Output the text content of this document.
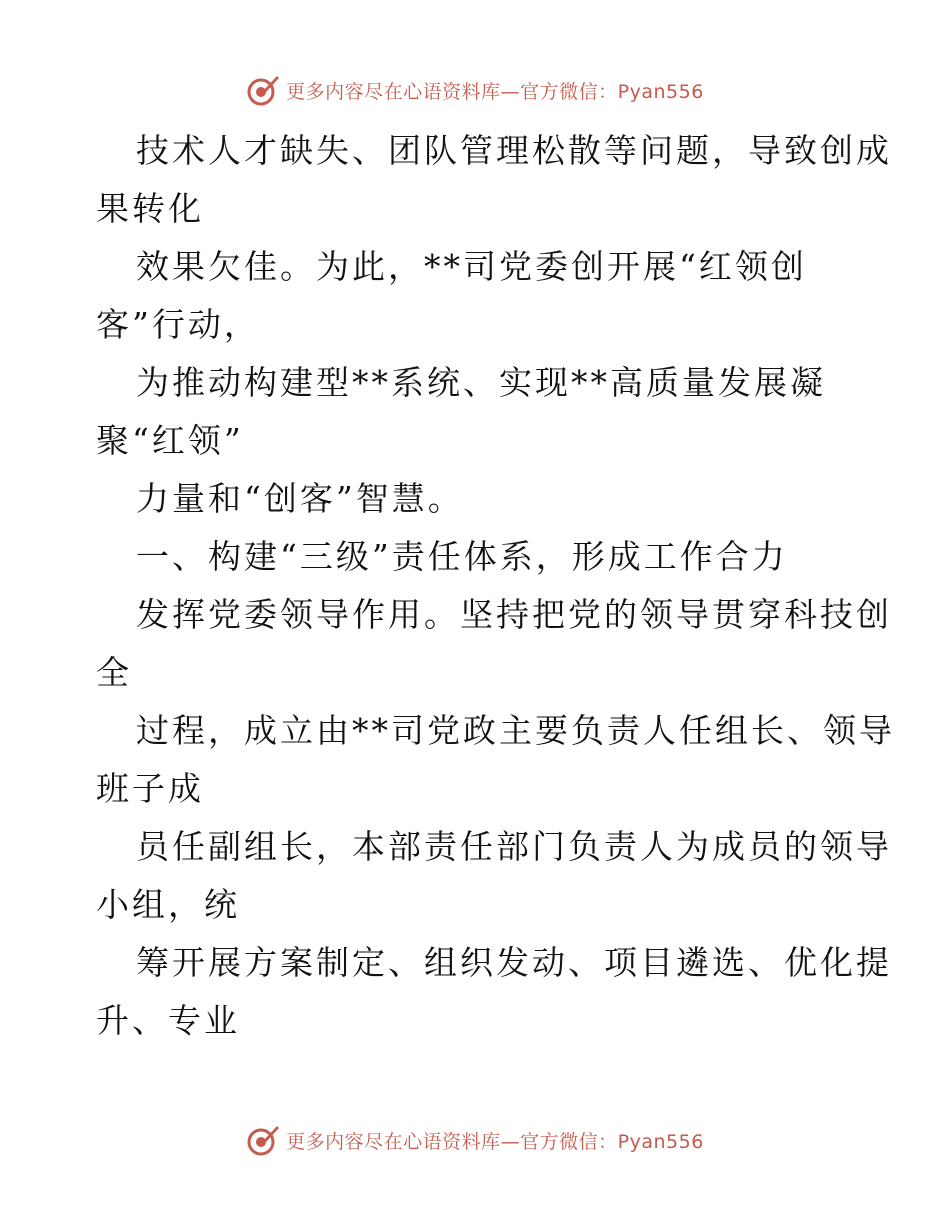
更多内容尽在心语资料库—官方微信：Pyan556
技术人才缺失、团队管理松散等问题，导致创成
果转化
效果欠佳。为此，**司党委创开展“红领创
客”行动，
为推动构建型**系统、实现**高质量发展凝
聚“红领”
力量和“创客”智慧。
一、构建“三级”责任体系，形成工作合力
发挥党委领导作用。坚持把党的领导贯穿科技创
全
过程，成立由**司党政主要负责人任组长、领导
班子成
员任副组长，本部责任部门负责人为成员的领导
小组，统
筹开展方案制定、组织发动、项目遴选、优化提
升、专业
更多内容尽在心语资料库—官方微信：Pyan556
